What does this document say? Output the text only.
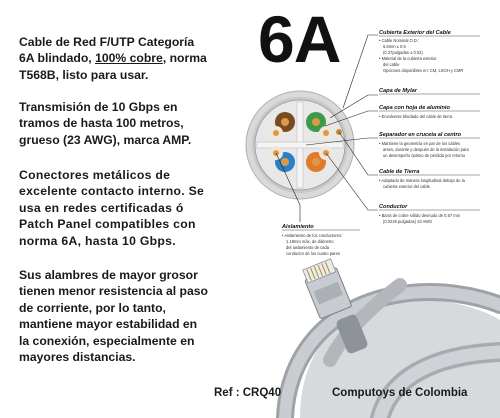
Cable de Red F/UTP Categoría
6A blindado, 100% cobre, norma
T568B, listo para usar.
Transmisión de 10 Gbps en
tramos de hasta 100 metros,
grueso (23 AWG), marca AMP.
Conectores metálicos de
excelente contacto interno. Se
usa en redes certificadas ó
Patch Panel compatibles con
norma 6A, hasta 10 Gbps.
Sus alambres de mayor grosor
tienen menor resistencia al paso
de corriente, por lo tanto,
mantiene mayor estabilidad en
la conexión, especialmente en
mayores distancias.
6A	Cubierta Exterior del Cable
• Cable Nominal O.D.:
6.8mm ± 0.6
(0.27pulgadas ± 0.02)
• Material de la cubierta exterior
del cable
Opciones disponibles en: CM, LSOH y CMR
Capa de Mylar
Capa con hoja de aluminio
• Envolvente blindado del cable de tierra
Separador en cruceta al centro
• Mantiene la geometría en par de los cables
antes, durante y después de la instalación para
un desempeño óptimo de pérdida por retorno
Cable de Tierra
• Adaptado de manera longitudinal debajo de la
cubierta exterior del cable
Conductor
• Barra de cobre sólido desnudo de 0.57 mm
(0.0226 pulgadas) 23 AWG
Aislamiento
• Aislamiento de los conductores:
1.18mm máx. de diámetro
del aislamiento de cada
conductor de los cuatro pares
Ref : CRQ40	Computoys de Colombia
